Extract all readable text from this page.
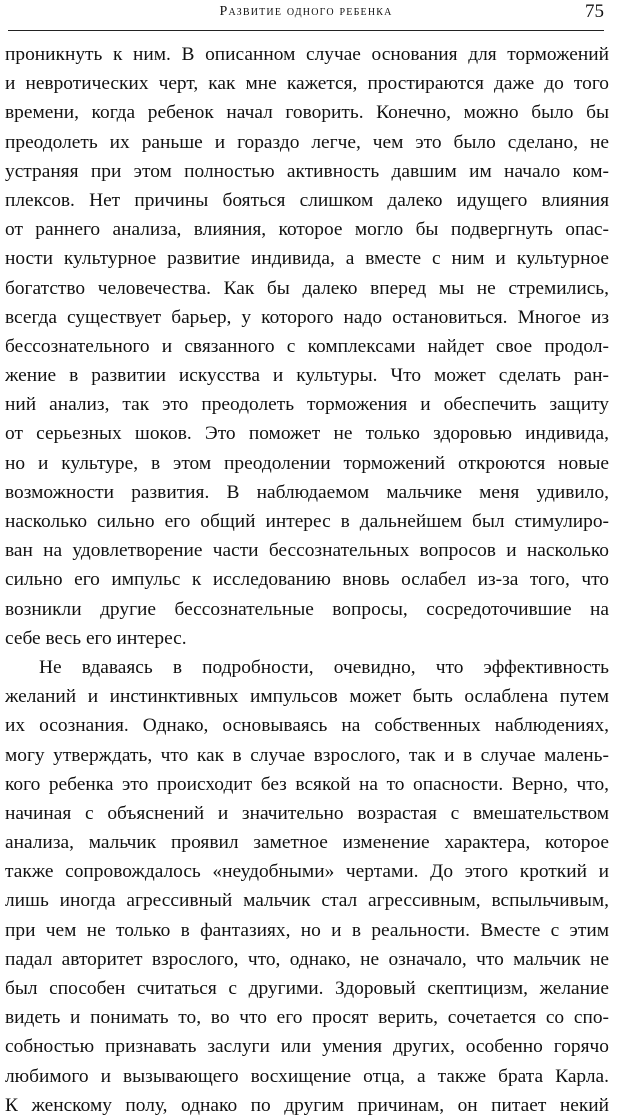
Развитие одного ребенка	75
проникнуть к ним. В описанном случае основания для торможений
и невротических черт, как мне кажется, простираются даже до того
времени, когда ребенок начал говорить. Конечно, можно было бы
преодолеть их раньше и гораздо легче, чем это было сделано, не
устраняя при этом полностью активность давшим им начало ком-
плексов. Нет причины бояться слишком далеко идущего влияния
от раннего анализа, влияния, которое могло бы подвергнуть опас-
ности культурное развитие индивида, а вместе с ним и культурное
богатство человечества. Как бы далеко вперед мы не стремились,
всегда существует барьер, у которого надо остановиться. Многое из
бессознательного и связанного с комплексами найдет свое продол-
жение в развитии искусства и культуры. Что может сделать ран-
ний анализ, так это преодолеть торможения и обеспечить защиту
от серьезных шоков. Это поможет не только здоровью индивида,
но и культуре, в этом преодолении торможений откроются новые
возможности развития. В наблюдаемом мальчике меня удивило,
насколько сильно его общий интерес в дальнейшем был стимулиро-
ван на удовлетворение части бессознательных вопросов и насколько
сильно его импульс к исследованию вновь ослабел из-за того, что
возникли другие бессознательные вопросы, сосредоточившие на
себе весь его интерес.
Не вдаваясь в подробности, очевидно, что эффективность
желаний и инстинктивных импульсов может быть ослаблена путем
их осознания. Однако, основываясь на собственных наблюдениях,
могу утверждать, что как в случае взрослого, так и в случае малень-
кого ребенка это происходит без всякой на то опасности. Верно, что,
начиная с объяснений и значительно возрастая с вмешательством
анализа, мальчик проявил заметное изменение характера, которое
также сопровождалось «неудобными» чертами. До этого кроткий и
лишь иногда агрессивный мальчик стал агрессивным, вспыльчивым,
при чем не только в фантазиях, но и в реальности. Вместе с этим
падал авторитет взрослого, что, однако, не означало, что мальчик не
был способен считаться с другими. Здоровый скептицизм, желание
видеть и понимать то, во что его просят верить, сочетается со спо-
собностью признавать заслуги или умения других, особенно горячо
любимого и вызывающего восхищение отца, а также брата Карла.
К женскому полу, однако по другим причинам, он питает некий
